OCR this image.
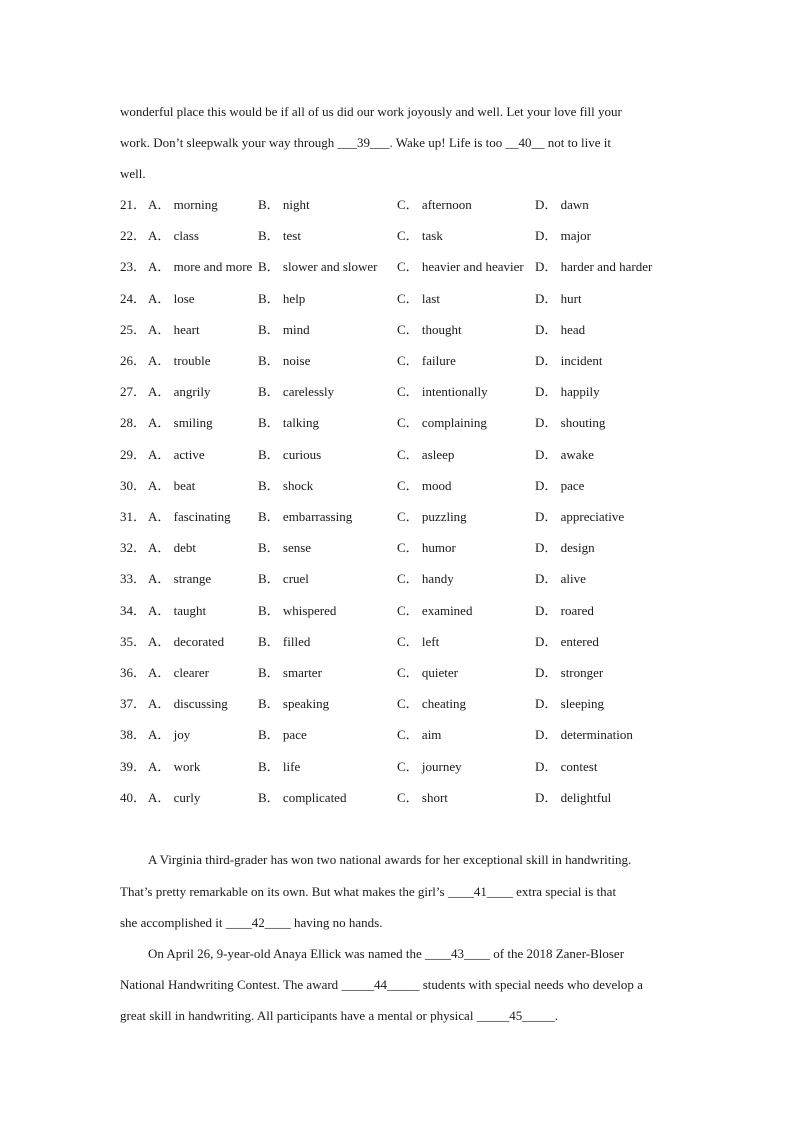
wonderful place this would be if all of us did our work joyously and well. Let your love fill your
work. Don’t sleepwalk your way through ___39___. Wake up! Life is too __40__ not to live it
well.
21． A． morning	B． night	C． afternoon	D． dawn
22． A． class	B． test	C． task	D． major
23． A． more and more B． slower and slower C． heavier and heavier D． harder and harder
24． A． lose	B． help	C． last	D． hurt
25． A． heart	B． mind	C． thought	D． head
26． A． trouble	B． noise	C． failure	D． incident
27． A． angrily	B． carelessly	C． intentionally	D． happily
28． A． smiling	B． talking	C． complaining	D． shouting
29． A． active	B． curious	C． asleep	D． awake
30． A． beat	B． shock	C． mood	D． pace
31． A． fascinating B． embarrassing	C． puzzling	D． appreciative
32． A． debt	B． sense	C． humor	D． design
33． A． strange	B． cruel	C． handy	D． alive
34． A． taught	B． whispered	C． examined	D． roared
35． A． decorated	B． filled	C． left	D． entered
36． A． clearer	B． smarter	C． quieter	D． stronger
37． A． discussing B． speaking	C． cheating	D． sleeping
38． A． joy	B． pace	C． aim	D． determination
39． A． work	B． life	C． journey	D． contest
40． A． curly	B． complicated	C． short	D． delightful
A Virginia third-grader has won two national awards for her exceptional skill in handwriting.
That’s pretty remarkable on its own. But what makes the girl’s ____41____ extra special is that
she accomplished it ____42____ having no hands.
On April 26, 9-year-old Anaya Ellick was named the ____43____ of the 2018 Zaner-Bloser
National Handwriting Contest. The award _____44_____ students with special needs who develop a
great skill in handwriting. All participants have a mental or physical _____45_____.
